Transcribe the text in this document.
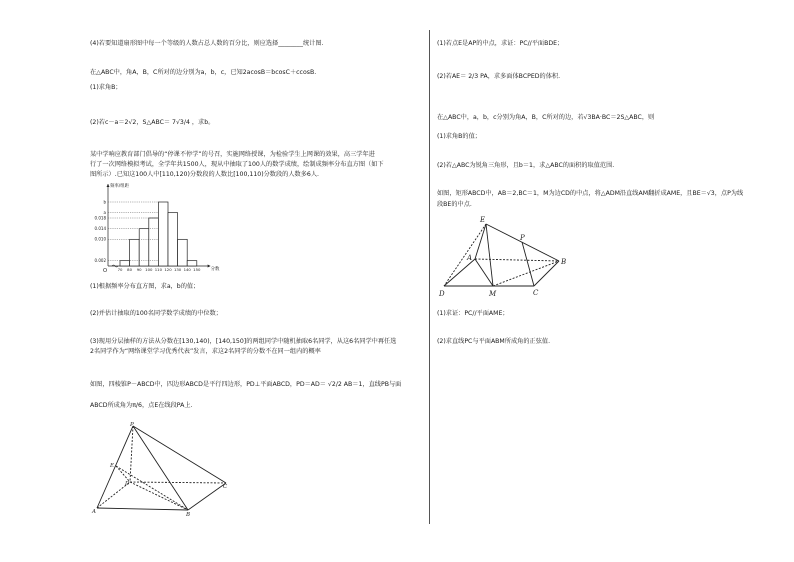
(4)若要知道扇形图中每一个等级的人数占总人数的百分比，则应选择________统计图.
在△ABC中，角A，B，C所对的边分别为a，b，c，已知2acosB＝bcosC＋ccosB.
(1)求角B；
(2)若c－a＝2√2，S△ABC＝ 7√3/4 ，求b。
某中学响应教育部门倡导的“停课不停学”的号召，实施网络授课，为检验学生上网课的效果，高三学年进
行了一次网络模拟考试，全学年共1500人，现从中抽取了100人的数学成绩，绘制成频率分布直方图（如下
图所示）.已知这100人中[110,120)分数段的人数比[100,110)分数段的人数多6人.
频率/组距
分数
O
0.002
0.010
0.014
0.018
a
b
70 80 90 100 110 120 130 140 150
(1)根据频率分布直方图，求a，b的值；
(2)并估计抽取的100名同学数学成绩的中位数；
(3)现用分层抽样的方法从分数在[130,140)，[140,150]的两组同学中随机抽取6名同学，从这6名同学中再任选
2名同学作为“网络课堂学习优秀代表”发言，求这2名同学的分数不在同一组内的概率
如图，四棱锥P－ABCD中，四边形ABCD是平行四边形，PD⊥平面ABCD，PD＝AD＝ √2/2 AB＝1，直线PB与面
ABCD所成角为π/6，点E在线段PA上.
P
E
D	C
A	B
(1)若点E是AP的中点，求证：PC//平面BDE；
(2)若AE＝ 2/3 PA，求多面体BCPED的体积.
在△ABC中，a，b，c分别为角A，B，C所对的边，若√3BA·BC＝2S△ABC，则
(1)求角B的值；
(2)若△ABC为锐角三角形，且b＝1，求△ABC的面积的取值范围.
如图，矩形ABCD中，AB＝2,BC＝1，M为边CD的中点，将△ADM沿直线AM翻折成AME，且BE＝√3，点P为线
段BE的中点.
E
P
A	B
D	M	C
(1)求证：PC//平面AME；
(2)求直线PC与平面ABM所成角的正弦值.
